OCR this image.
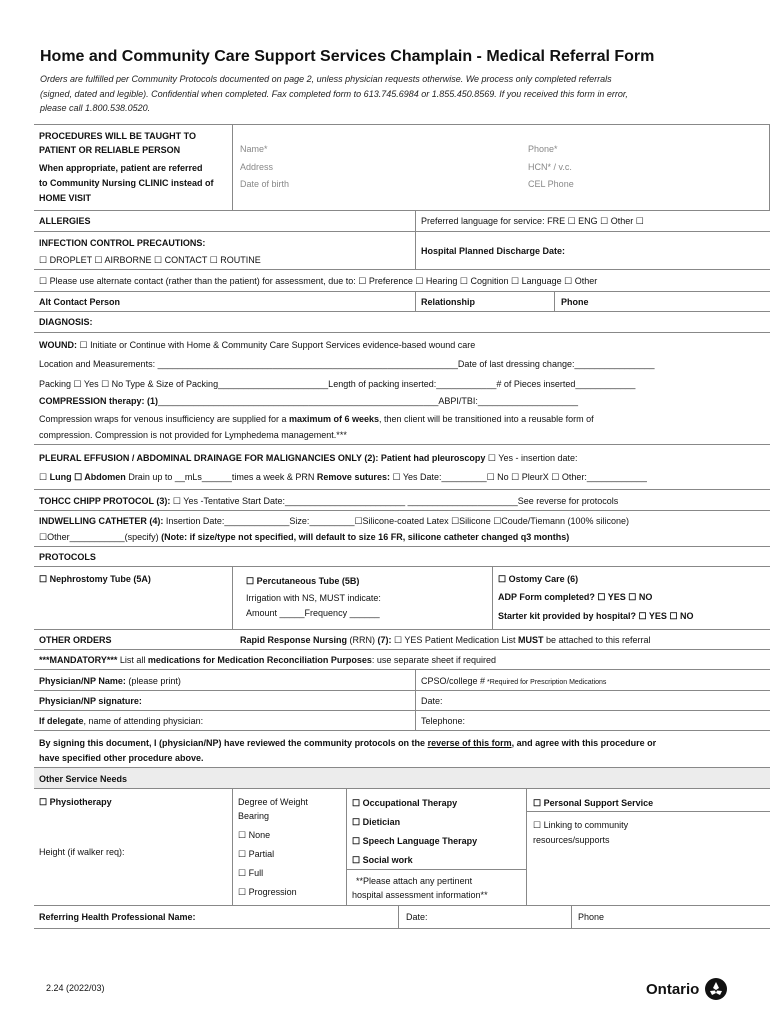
Home and Community Care Support Services Champlain - Medical Referral Form
Orders are fulfilled per Community Protocols documented on page 2, unless physician requests otherwise. We process only completed referrals
(signed, dated and legible). Confidential when completed. Fax completed form to 613.745.6984 or 1.855.450.8569. If you received this form in error,
please call 1.800.538.0520.
PROCEDURES WILL BE TAUGHT TO
PATIENT OR RELIABLE PERSON
When appropriate, patient are referred
to Community Nursing CLINIC instead of
HOME VISIT
Name*
Address
Date of birth
Phone*
HCN* / v.c.
CEL Phone
ALLERGIES	Preferred language for service: FRE ☐ ENG ☐ Other ☐
INFECTION CONTROL PRECAUTIONS:
☐ DROPLET ☐ AIRBORNE ☐ CONTACT ☐ ROUTINE
Hospital Planned Discharge Date:
☐ Please use alternate contact (rather than the patient) for assessment, due to: ☐ Preference ☐ Hearing ☐ Cognition ☐ Language ☐ Other
Alt Contact Person	Relationship	Phone
DIAGNOSIS:
WOUND: ☐ Initiate or Continue with Home & Community Care Support Services evidence-based wound care
Location and Measurements: ____________________________________________________________Date of last dressing change:________________
Packing ☐ Yes ☐ No Type & Size of Packing______________________Length of packing inserted:____________# of Pieces inserted____________
COMPRESSION therapy: (1)________________________________________________________ABPI/TBI:____________________
Compression wraps for venous insufficiency are supplied for a maximum of 6 weeks, then client will be transitioned into a reusable form of
compression. Compression is not provided for Lymphedema management.***
PLEURAL EFFUSION / ABDOMINAL DRAINAGE FOR MALIGNANCIES ONLY (2): Patient had pleuroscopy ☐ Yes - insertion date:
☐ Lung ☐ Abdomen Drain up to __mLs______times a week & PRN Remove sutures: ☐ Yes Date:_________☐ No ☐ PleurX ☐ Other:____________
TOHCC CHIPP PROTOCOL (3): ☐ Yes -Tentative Start Date:________________________ ______________________See reverse for protocols
INDWELLING CATHETER (4): Insertion Date:_____________Size:_________☐Silicone-coated Latex ☐Silicone ☐Coude/Tiemann (100% silicone)
☐Other___________(specify) (Note: if size/type not specified, will default to size 16 FR, silicone catheter changed q3 months)
PROTOCOLS
☐ Nephrostomy Tube (5A)	☐ Percutaneous Tube (5B)
Irrigation with NS, MUST indicate:
Amount _____Frequency ______
☐ Ostomy Care (6)
ADP Form completed? ☐ YES ☐ NO
Starter kit provided by hospital? ☐ YES ☐ NO
OTHER ORDERS	Rapid Response Nursing (RRN) (7): ☐ YES Patient Medication List MUST be attached to this referral
***MANDATORY*** List all medications for Medication Reconciliation Purposes: use separate sheet if required
Physician/NP Name: (please print)	CPSO/college # *Required for Prescription Medications
Physician/NP signature:	Date:
If delegate, name of attending physician:	Telephone:
By signing this document, I (physician/NP) have reviewed the community protocols on the reverse of this form, and agree with this procedure or
have specified other procedure above.
Other Service Needs
☐ Physiotherapy
Height (if walker req):
Degree of Weight
Bearing
☐ None
☐ Partial
☐ Full
☐ Progression
☐ Occupational Therapy
☐ Dietician
☐ Speech Language Therapy
☐ Social work
**Please attach any pertinent
hospital assessment information**
☐ Personal Support Service
☐ Linking to community
resources/supports
Referring Health Professional Name:	Date:	Phone
2.24 (2022/03)	Ontario
